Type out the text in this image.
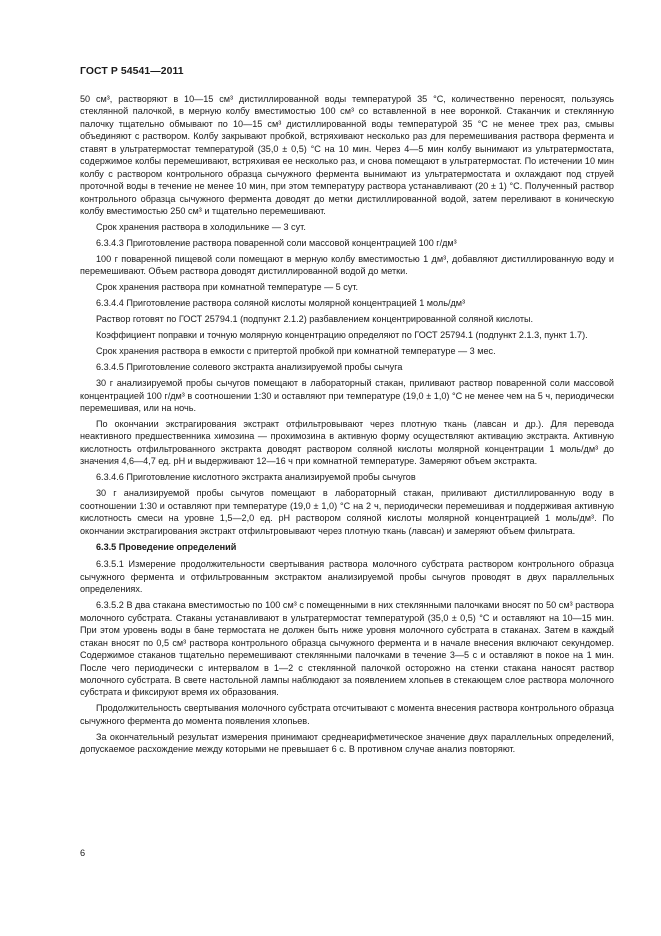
ГОСТ Р 54541—2011

50 см³, растворяют в 10—15 см³ дистиллированной воды температурой 35 °С, количественно переносят, пользуясь стеклянной палочкой, в мерную колбу вместимостью 100 см³ со вставленной в нее воронкой. Стаканчик и стеклянную палочку тщательно обмывают по 10—15 см³ дистиллированной воды температурой 35 °С не менее трех раз, смывы объединяют с раствором. Колбу закрывают пробкой, встряхивают несколько раз для перемешивания раствора фермента и ставят в ультратермостат температурой (35,0 ± 0,5) °С на 10 мин. Через 4—5 мин колбу вынимают из ультратермостата, содержимое колбы перемешивают, встряхивая ее несколько раз, и снова помещают в ультратермостат. По истечении 10 мин колбу с раствором контрольного образца сычужного фермента вынимают из ультратермостата и охлаждают под струей проточной воды в течение не менее 10 мин, при этом температуру раствора устанавливают (20 ± 1) °С. Полученный раствор контрольного образца сычужного фермента доводят до метки дистиллированной водой, затем переливают в коническую колбу вместимостью 250 см³ и тщательно перемешивают.

Срок хранения раствора в холодильнике — 3 сут.

6.3.4.3 Приготовление раствора поваренной соли массовой концентрацией 100 г/дм³

100 г поваренной пищевой соли помещают в мерную колбу вместимостью 1 дм³, добавляют дистиллированную воду и перемешивают. Объем раствора доводят дистиллированной водой до метки.

Срок хранения раствора при комнатной температуре — 5 сут.

6.3.4.4 Приготовление раствора соляной кислоты молярной концентрацией 1 моль/дм³

Раствор готовят по ГОСТ 25794.1 (подпункт 2.1.2) разбавлением концентрированной соляной кислоты.

Коэффициент поправки и точную молярную концентрацию определяют по ГОСТ 25794.1 (подпункт 2.1.3, пункт 1.7).

Срок хранения раствора в емкости с притертой пробкой при комнатной температуре — 3 мес.

6.3.4.5 Приготовление солевого экстракта анализируемой пробы сычуга

30 г анализируемой пробы сычугов помещают в лабораторный стакан, приливают раствор поваренной соли массовой концентрацией 100 г/дм³ в соотношении 1:30 и оставляют при температуре (19,0 ± 1,0) °С не менее чем на 5 ч, периодически перемешивая, или на ночь.

По окончании экстрагирования экстракт отфильтровывают через плотную ткань (лавсан и др.). Для перевода неактивного предшественника химозина — прохимозина в активную форму осуществляют активацию экстракта. Активную кислотность отфильтрованного экстракта доводят раствором соляной кислоты молярной концентрации 1 моль/дм³ до значения 4,6—4,7 ед. рН и выдерживают 12—16 ч при комнатной температуре. Замеряют объем экстракта.

6.3.4.6 Приготовление кислотного экстракта анализируемой пробы сычугов

30 г анализируемой пробы сычугов помещают в лабораторный стакан, приливают дистиллированную воду в соотношении 1:30 и оставляют при температуре (19,0 ± 1,0) °С на 2 ч, периодически перемешивая и поддерживая активную кислотность смеси на уровне 1,5—2,0 ед. рН раствором соляной кислоты молярной концентрацией 1 моль/дм³. По окончании экстрагирования экстракт отфильтровывают через плотную ткань (лавсан) и замеряют объем фильтрата.

6.3.5 Проведение определений

6.3.5.1 Измерение продолжительности свертывания раствора молочного субстрата раствором контрольного образца сычужного фермента и отфильтрованным экстрактом анализируемой пробы сычугов проводят в двух параллельных определениях.

6.3.5.2 В два стакана вместимостью по 100 см³ с помещенными в них стеклянными палочками вносят по 50 см³ раствора молочного субстрата. Стаканы устанавливают в ультратермостат температурой (35,0 ± 0,5) °С и оставляют на 10—15 мин. При этом уровень воды в бане термостата не должен быть ниже уровня молочного субстрата в стаканах. Затем в каждый стакан вносят по 0,5 см³ раствора контрольного образца сычужного фермента и в начале внесения включают секундомер. Содержимое стаканов тщательно перемешивают стеклянными палочками в течение 3—5 с и оставляют в покое на 1 мин. После чего периодически с интервалом в 1—2 с стеклянной палочкой осторожно на стенки стакана наносят раствор молочного субстрата. В свете настольной лампы наблюдают за появлением хлопьев в стекающем слое раствора молочного субстрата и фиксируют время их образования.

Продолжительность свертывания молочного субстрата отсчитывают с момента внесения раствора контрольного образца сычужного фермента до момента появления хлопьев.

За окончательный результат измерения принимают среднеарифметическое значение двух параллельных определений, допускаемое расхождение между которыми не превышает 6 с. В противном случае анализ повторяют.

6
